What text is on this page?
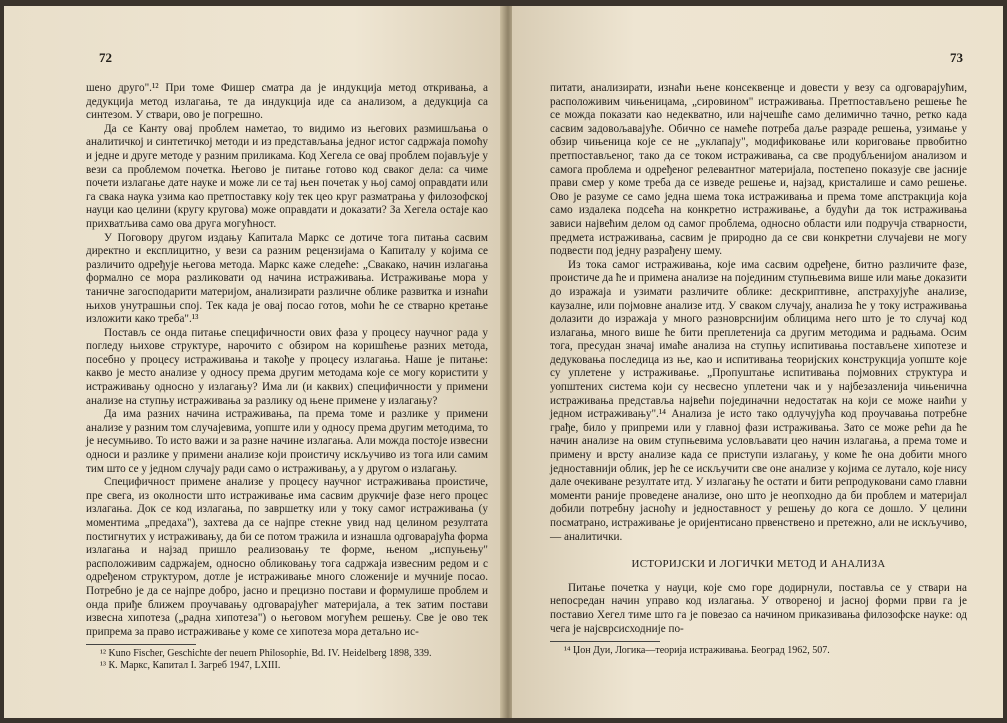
72

шено друго".¹² При томе Фишер сматра да је индукција метод откривања, а дедукција метод излагања, те да индукција иде са анализом, а дедукција са синтезом. У ствари, ово је погрешно.

Да се Канту овај проблем наметао, то видимо из његових размишљања о аналитичкој и синтетичкој методи и из представљања једног истог садржаја помоћу и једне и друге методе у разним приликама. Код Хегела се овај проблем појављује у вези са проблемом почетка. Његово је питање готово код сваког дела: са чиме почети излагање дате науке и може ли се тај њен почетак у њој самој оправдати или га свака наука узима као претпоставку коју тек цео круг разматрања у филозофској науци као целини (кругу кругова) може оправдати и доказати? За Хегела остаје као прихватљива само ова друга могућност.

У Поговору другом издању Капитала Маркс се дотиче тога питања сасвим директно и експлицитно, у вези са разним рецензијама о Капиталу у којима се различито одређује његова метода. Маркс каже следеће: „Свакако, начин излагања формално се мора разликовати од начина истраживања. Истраживање мора у таничне загосподарити материјом, анализирати различне облике развитка и изнаћи њихов унутрашњи спој. Тек када је овај посао готов, моћи ће се стварно кретање изложити како треба".¹³

Постављ се онда питање специфичности ових фаза у процесу научног рада у погледу њихове структуре, нарочито с обзиром на коришћење разних метода, посебно у процесу истраживања и такође у процесу излагања. Наше је питање: какво је место анализе у односу према другим методама које се могу користити у истраживању односно у излагању? Има ли (и каквих) специфичности у примени анализе на ступњу истраживања за разлику од њене примене у излагању?

Да има разних начина истраживања, па према томе и разлике у примени анализе у разним том случајевима, уопште или у односу према другим методима, то је несумњиво. То исто важи и за разне начине излагања. Али можда постоје извесни односи и разлике у примени анализе који проистичу искључиво из тога или самим тим што се у једном случају ради само о истраживању, а у другом о излагању.

Специфичност примене анализе у процесу научног истраживања проистиче, пре свега, из околности што истраживање има сасвим друкчије фазе него процес излагања. Док се код излагања, по завршетку или у току самог истраживања (у моментима „предаха"), захтева да се најпре стекне увид над целином резултата постигнутих у истраживању, да би се потом тражила и изнашла одговарајућа форма излагања и најзад пришло реализовању те форме, њеном „испуњењу" расположивим садржајем, односно обликовању тога садржаја извесним редом и с одређеном структуром, дотле је истраживање много сложеније и мучније посао. Потребно је да се најпре добро, јасно и прецизно постави и формулише проблем и онда приђе ближем проучавању одговарајућег материјала, а тек затим постави извесна хипотеза („радна хипотеза") о његовом могућем решењу. Све је ово тек припрема за право истраживање у коме се хипотеза мора детаљно ис-

¹² Kuno Fischer, Geschichte der neuern Philosophie, Bd. IV. Heidelberg 1898, 339.

¹³ К. Маркс, Капитал I. Загреб 1947, LXIII.

73

питати, анализирати, изнаћи њене консеквенце и довести у везу са одговарајућим, расположивим чињеницама, „сировином" истраживања. Претпостављено решење ће се можда показати као недекватно, или најчешће само делимично тачно, ретко када сасвим задовољавајуће. Обично се намеће потреба даље разраде решења, узимање у обзир чињеница које се не „уклапају", модификовање или кориговање првобитно претпостављеног, тако да се током истраживања, са све продубљенијом анализом и самога проблема и одређеног релевантног материјала, постепено показује све јасније прави смер у коме треба да се изведе решење и, најзад, кристалише и само решење. Ово је разуме се само једна шема тока истраживања и према томе апстракција која само издалека подсећа на конкретно истраживање, а будући да ток истраживања зависи највећим делом од самог проблема, односно области или подручја стварности, предмета истраживања, сасвим је природно да се сви конкретни случајеви не могу подвести под једну разрађену шему.

Из тока самог истраживања, које има сасвим одређене, битно различите фазе, проистиче да ће и примена анализе на појединим ступњевима више или мање доказити до изражаја и узимати различите облике: дескриптивне, апстрахујуће анализе, каузалне, или појмовне анализе итд. У сваком случају, анализа ће у току истраживања долазити до изражаја у много разноврснијим облицима него што је то случај код излагања, много више ће бити преплетенија са другим методима и радњама. Осим тога, пресудан значај имаће анализа на ступњу испитивања постављене хипотезе и дедуковања последица из ње, као и испитивања теоријских конструкција уопште које су уплетене у истраживање. „Пропуштање испитивања појмовних структура и уопштених система који су несвесно уплетени чак и у најбезазленија чињенична истраживања представља највећи појединачни недостатак на који се може наићи у једном истраживању".¹⁴ Анализа је исто тако одлучујућа код проучавања потребне грађе, било у припреми или у главној фази истраживања. Зато се може рећи да ће начин анализе на овим ступњевима условљавати цео начин излагања, а према томе и примену и врсту анализе када се приступи излагању, у коме ће она добити много једноставнији облик, јер ће се искључити све оне анализе у којима се лутало, које нису дале очекиване резултате итд. У излагању ће остати и бити репродуковани само главни моменти раније проведене анализе, оно што је неопходно да би проблем и материјал добили потребну јасноћу и једноставност у решењу до кога се дошло. У целини посматрано, истраживање је оријентисано првенствено и претежно, али не искључиво, — аналитички.

ИСТОРИЈСКИ И ЛОГИЧКИ МЕТОД И АНАЛИЗА

Питање почетка у науци, које смо горе додирнули, постављa се у ствари на непосредан начин управо код излагања. У отвореној и јасној форми први га је поставио Хегел тиме што га је повезао са начином приказивања филозофске науке: од чега је најсврсисходније по-

¹⁴ Џон Дуи, Логика—теорија истраживања. Београд 1962, 507.
